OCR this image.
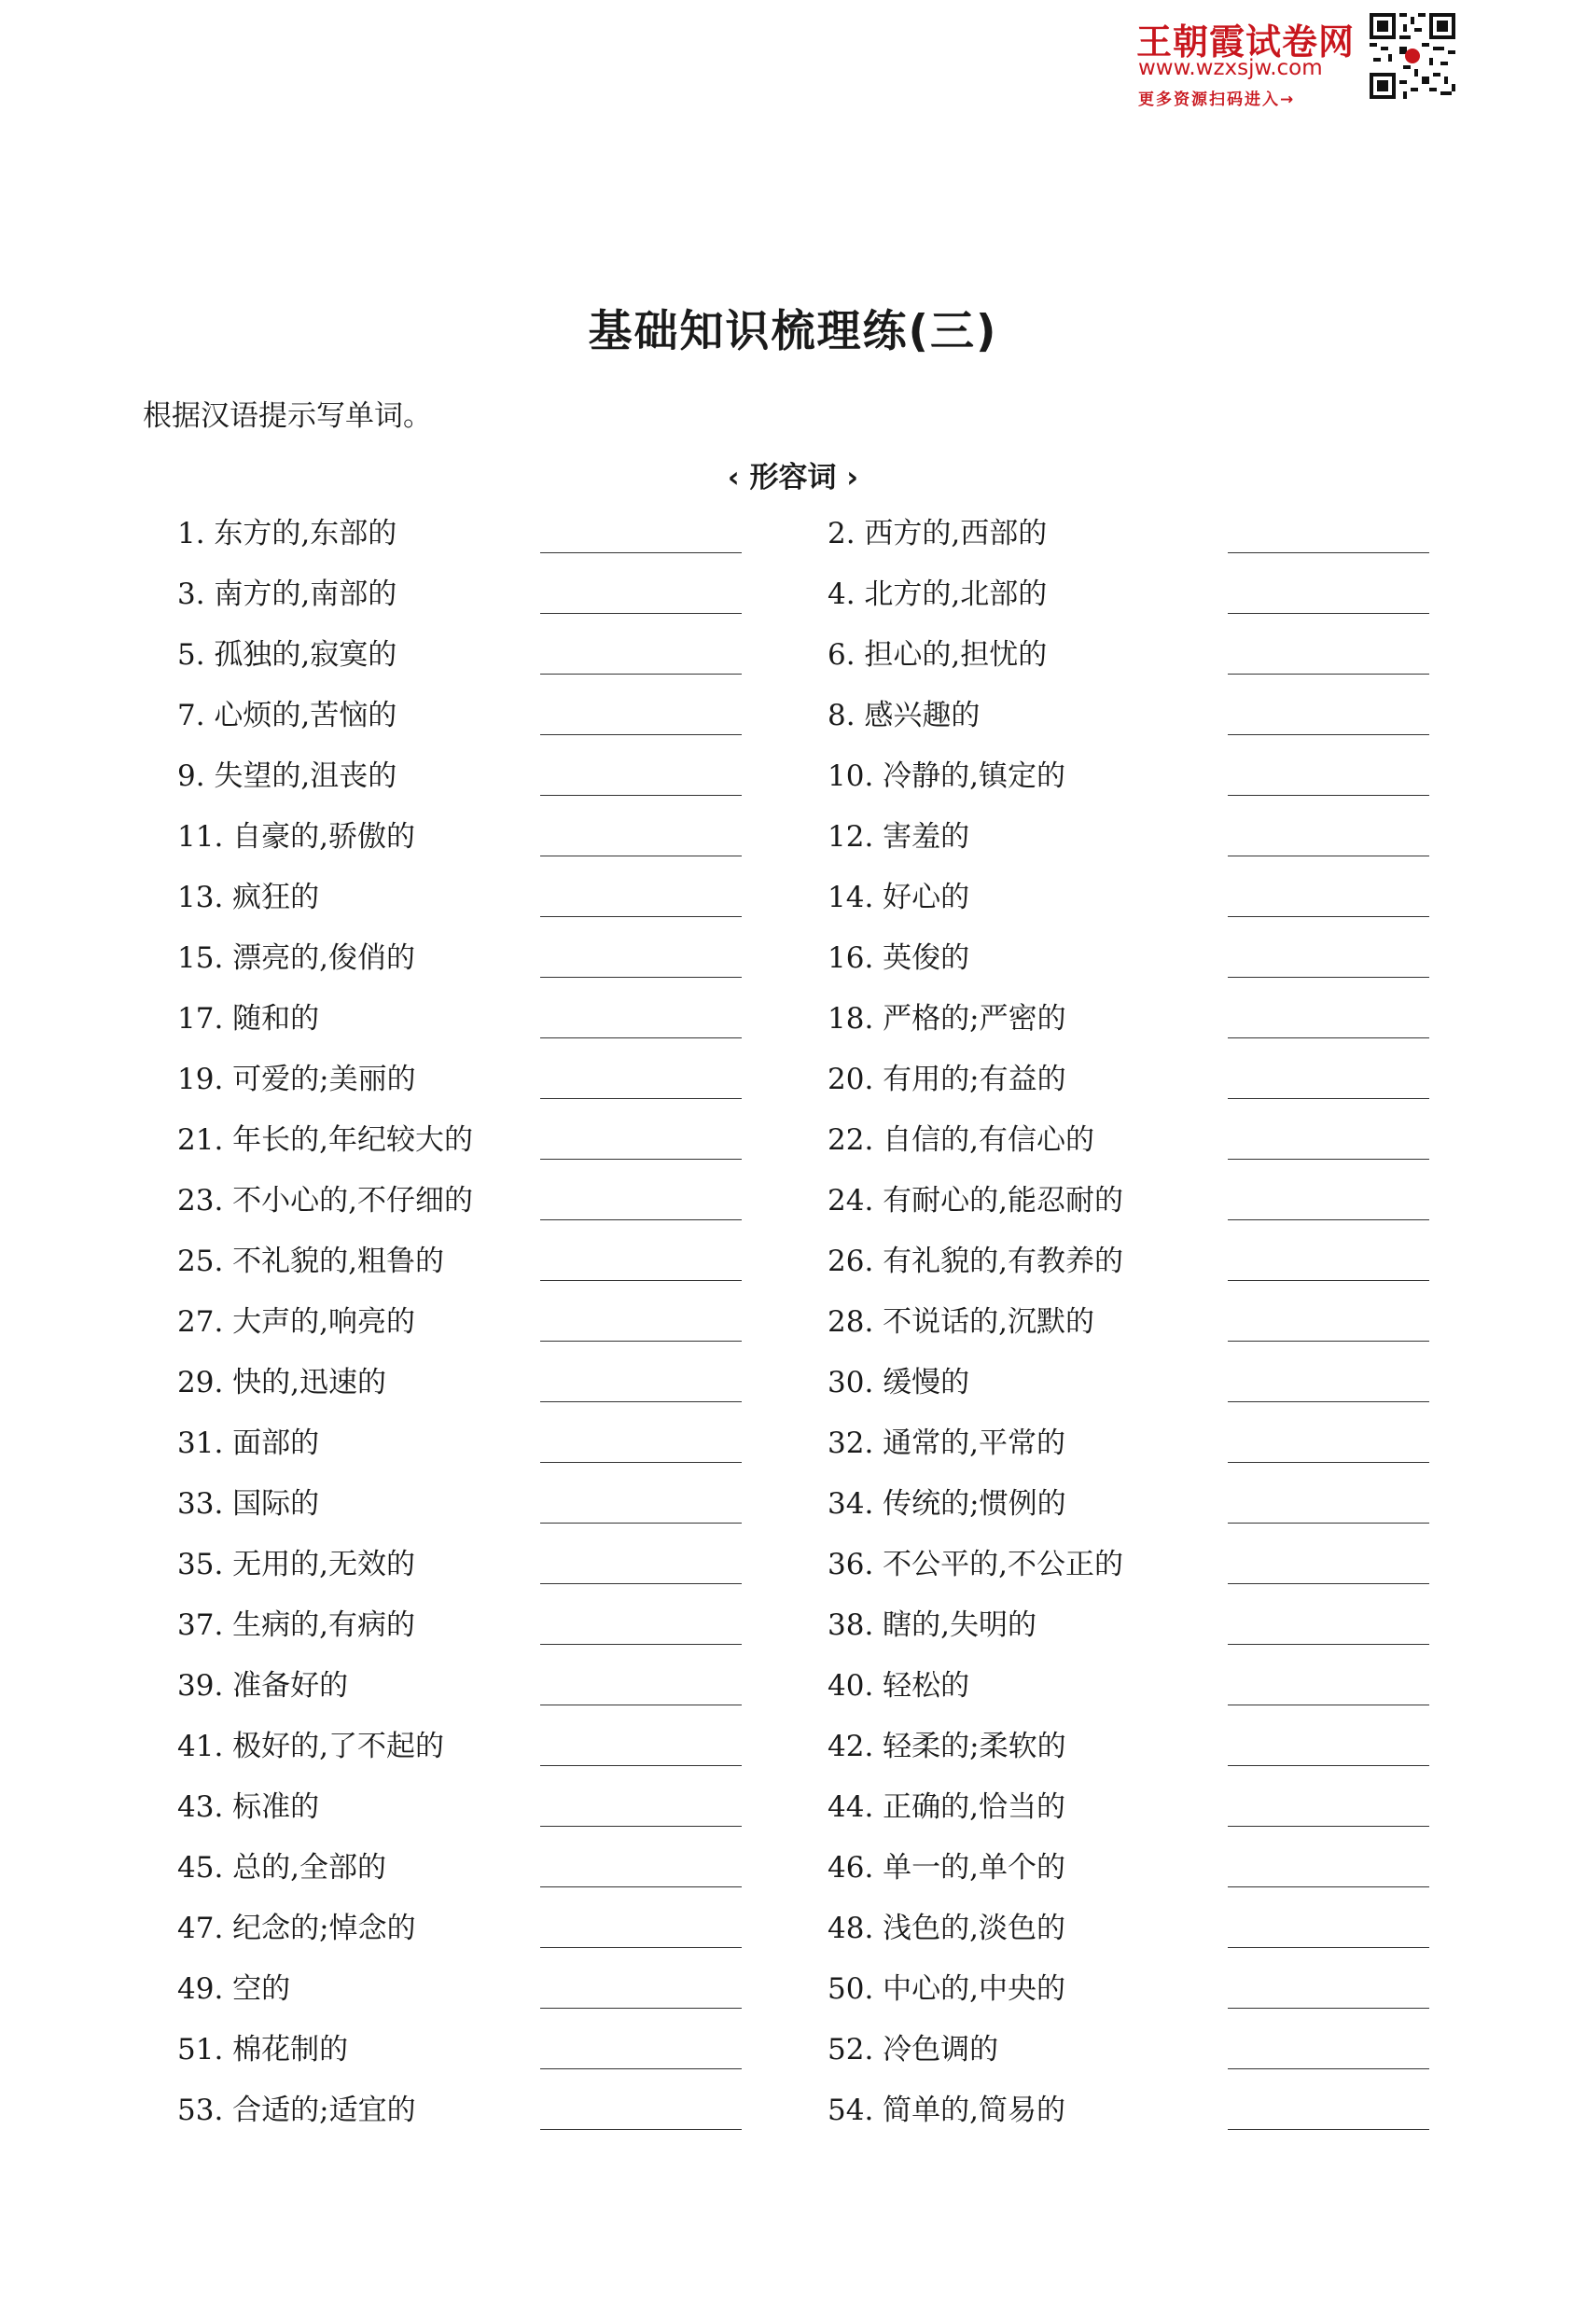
王朝霞试卷网
www.wzxsjw.com
更多资源扫码进入→
基础知识梳理练(三)
根据汉语提示写单词。
‹ 形容词 ›
1. 东方的,东部的
3. 南方的,南部的
5. 孤独的,寂寞的
7. 心烦的,苦恼的
9. 失望的,沮丧的
11. 自豪的,骄傲的
13. 疯狂的
15. 漂亮的,俊俏的
17. 随和的
19. 可爱的;美丽的
21. 年长的,年纪较大的
23. 不小心的,不仔细的
25. 不礼貌的,粗鲁的
27. 大声的,响亮的
29. 快的,迅速的
31. 面部的
33. 国际的
35. 无用的,无效的
37. 生病的,有病的
39. 准备好的
41. 极好的,了不起的
43. 标准的
45. 总的,全部的
47. 纪念的;悼念的
49. 空的
51. 棉花制的
53. 合适的;适宜的
2. 西方的,西部的
4. 北方的,北部的
6. 担心的,担忧的
8. 感兴趣的
10. 冷静的,镇定的
12. 害羞的
14. 好心的
16. 英俊的
18. 严格的;严密的
20. 有用的;有益的
22. 自信的,有信心的
24. 有耐心的,能忍耐的
26. 有礼貌的,有教养的
28. 不说话的,沉默的
30. 缓慢的
32. 通常的,平常的
34. 传统的;惯例的
36. 不公平的,不公正的
38. 瞎的,失明的
40. 轻松的
42. 轻柔的;柔软的
44. 正确的,恰当的
46. 单一的,单个的
48. 浅色的,淡色的
50. 中心的,中央的
52. 冷色调的
54. 简单的,简易的
